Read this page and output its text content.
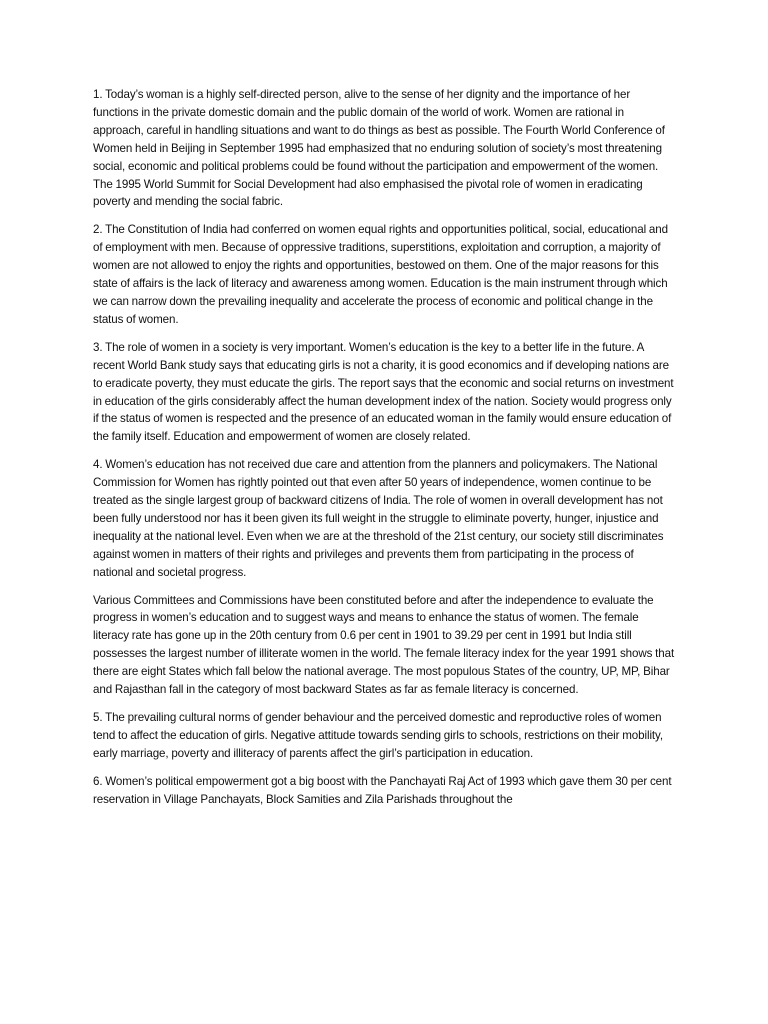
1. Today’s woman is a highly self-directed person, alive to the sense of her dignity and the importance of her functions in the private domestic domain and the public domain of the world of work. Women are rational in approach, careful in handling situations and want to do things as best as possible. The Fourth World Conference of Women held in Beijing in September 1995 had emphasized that no enduring solution of society’s most threatening social, economic and political problems could be found without the participation and empowerment of the women. The 1995 World Summit for Social Development had also emphasised the pivotal role of women in eradicating poverty and mending the social fabric.

2. The Constitution of India had conferred on women equal rights and opportunities political, social, educational and of employment with men. Because of oppressive traditions, superstitions, exploitation and corruption, a majority of women are not allowed to enjoy the rights and opportunities, bestowed on them. One of the major reasons for this state of affairs is the lack of literacy and awareness among women. Education is the main instrument through which we can narrow down the prevailing inequality and accelerate the process of economic and political change in the status of women.

3. The role of women in a society is very important. Women’s education is the key to a better life in the future. A recent World Bank study says that educating girls is not a charity, it is good economics and if developing nations are to eradicate poverty, they must educate the girls. The report says that the economic and social returns on investment in education of the girls considerably affect the human development index of the nation. Society would progress only if the status of women is respected and the presence of an educated woman in the family would ensure education of the family itself. Education and empowerment of women are closely related.

4. Women’s education has not received due care and attention from the planners and policymakers. The National Commission for Women has rightly pointed out that even after 50 years of independence, women continue to be treated as the single largest group of backward citizens of India. The role of women in overall development has not been fully understood nor has it been given its full weight in the struggle to eliminate poverty, hunger, injustice and inequality at the national level. Even when we are at the threshold of the 21st century, our society still discriminates against women in matters of their rights and privileges and prevents them from participating in the process of national and societal progress.

Various Committees and Commissions have been constituted before and after the independence to evaluate the progress in women’s education and to suggest ways and means to enhance the status of women. The female literacy rate has gone up in the 20th century from 0.6 per cent in 1901 to 39.29 per cent in 1991 but India still possesses the largest number of illiterate women in the world. The female literacy index for the year 1991 shows that there are eight States which fall below the national average. The most populous States of the country, UP, MP, Bihar and Rajasthan fall in the category of most backward States as far as female literacy is concerned.

5. The prevailing cultural norms of gender behaviour and the perceived domestic and reproductive roles of women tend to affect the education of girls. Negative attitude towards sending girls to schools, restrictions on their mobility, early marriage, poverty and illiteracy of parents affect the girl’s participation in education.

6. Women’s political empowerment got a big boost with the Panchayati Raj Act of 1993 which gave them 30 per cent reservation in Village Panchayats, Block Samities and Zila Parishads throughout the
